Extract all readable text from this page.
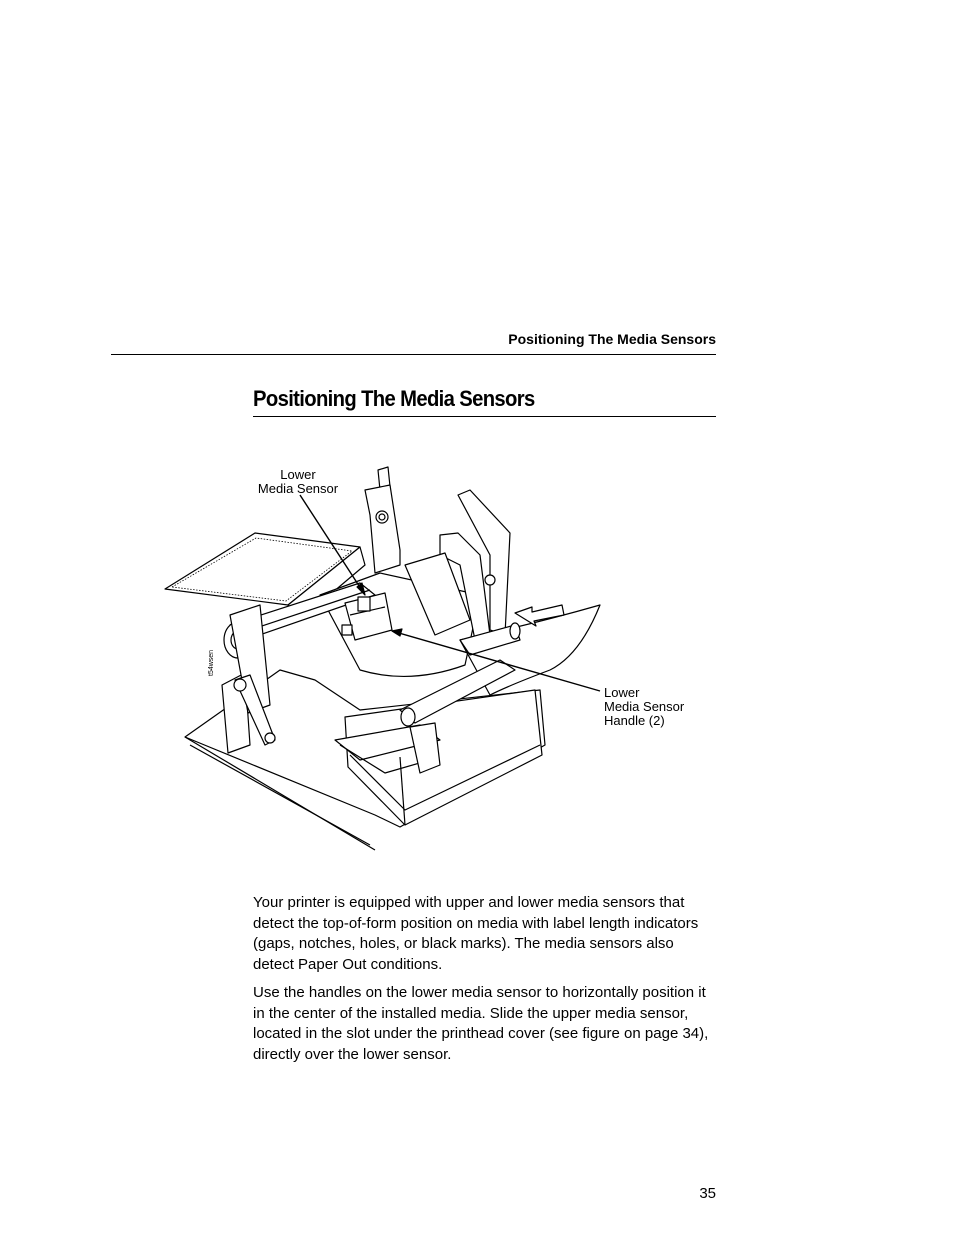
Positioning The Media Sensors
Positioning The Media Sensors
Lower
Media Sensor
Lower
Media Sensor
Handle (2)
t54wsen

Your printer is equipped with upper and lower media sensors that detect the top-of-form position on media with label length indicators (gaps, notches, holes, or black marks). The media sensors also detect Paper Out conditions.

Use the handles on the lower media sensor to horizontally position it in the center of the installed media. Slide the upper media sensor, located in the slot under the printhead cover (see figure on page 34), directly over the lower sensor.

35
